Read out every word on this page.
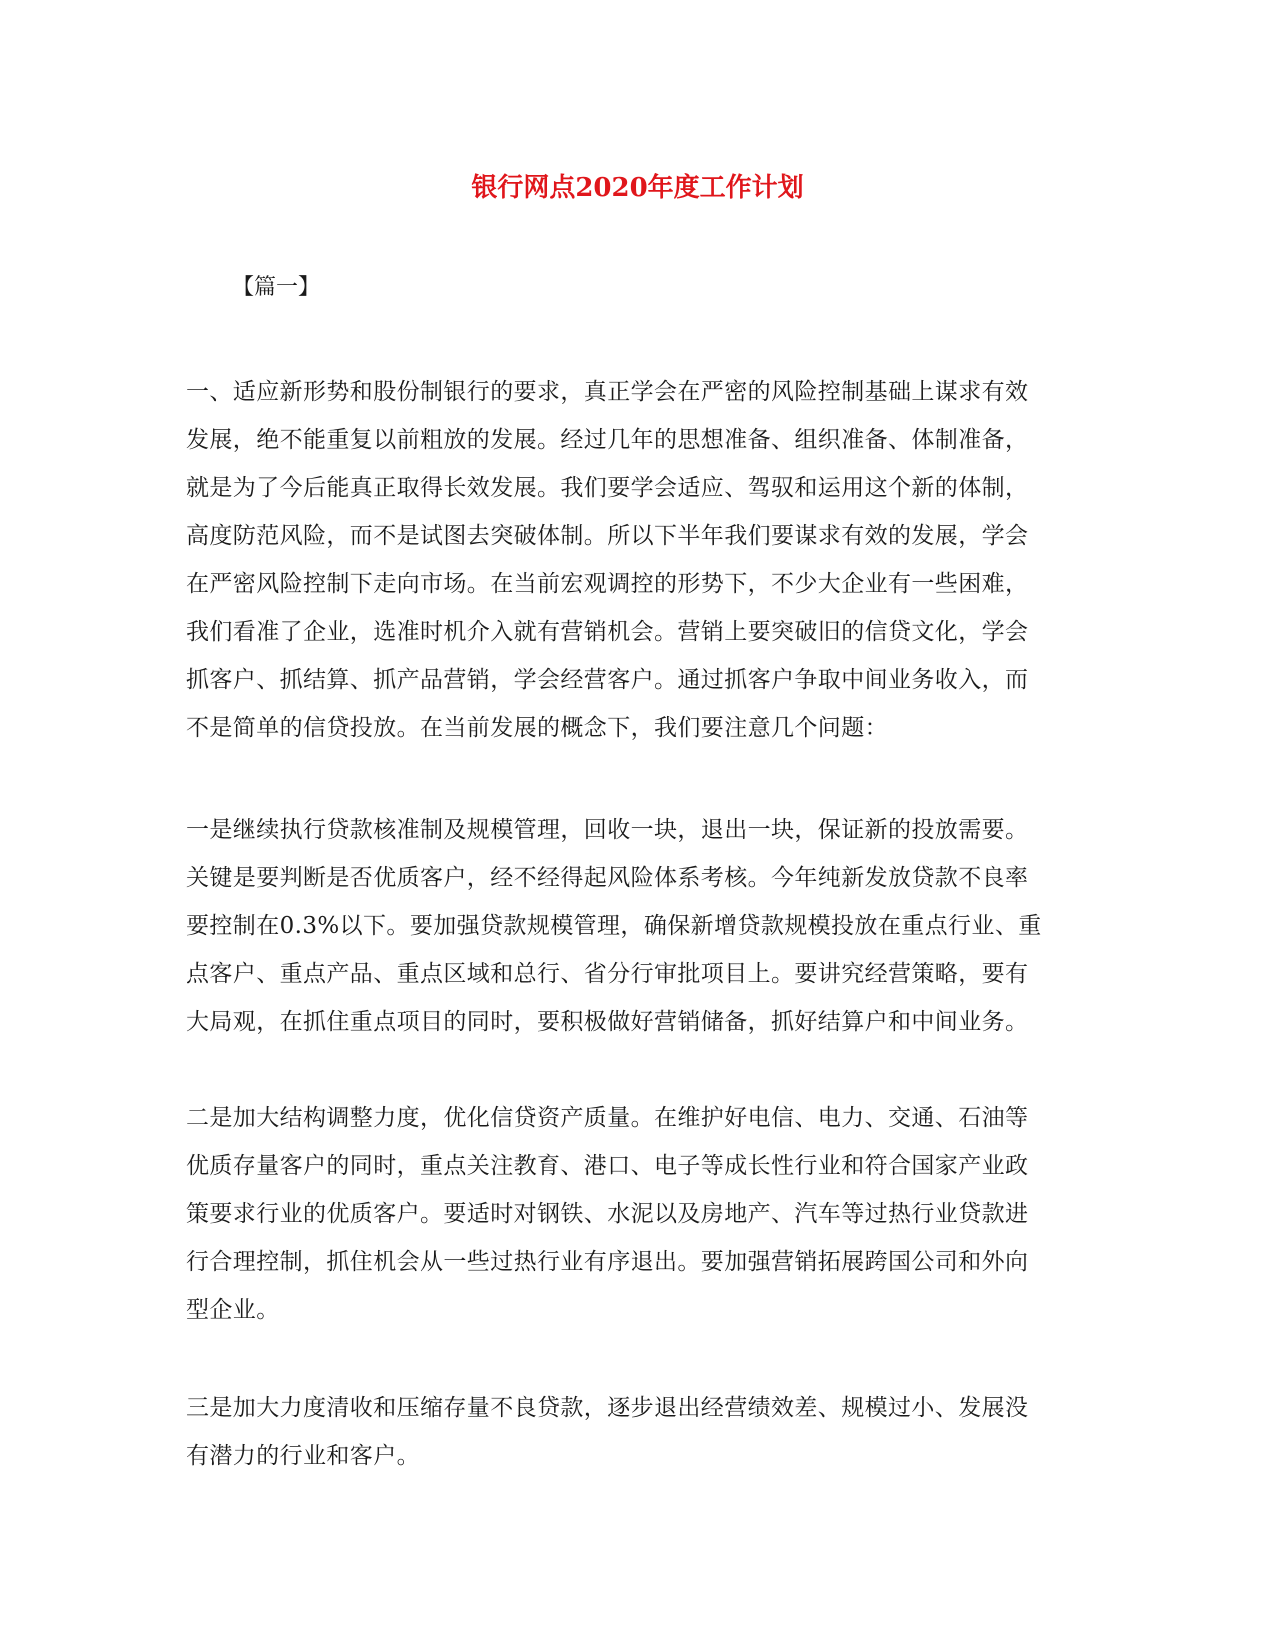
银行网点2020年度工作计划

【篇一】

一、适应新形势和股份制银行的要求，真正学会在严密的风险控制基础上谋求有效
发展，绝不能重复以前粗放的发展。经过几年的思想准备、组织准备、体制准备，
就是为了今后能真正取得长效发展。我们要学会适应、驾驭和运用这个新的体制，
高度防范风险，而不是试图去突破体制。所以下半年我们要谋求有效的发展，学会
在严密风险控制下走向市场。在当前宏观调控的形势下，不少大企业有一些困难，
我们看准了企业，选准时机介入就有营销机会。营销上要突破旧的信贷文化，学会
抓客户、抓结算、抓产品营销，学会经营客户。通过抓客户争取中间业务收入，而
不是简单的信贷投放。在当前发展的概念下，我们要注意几个问题：

一是继续执行贷款核准制及规模管理，回收一块，退出一块，保证新的投放需要。
关键是要判断是否优质客户，经不经得起风险体系考核。今年纯新发放贷款不良率
要控制在0.3%以下。要加强贷款规模管理，确保新增贷款规模投放在重点行业、重
点客户、重点产品、重点区域和总行、省分行审批项目上。要讲究经营策略，要有
大局观，在抓住重点项目的同时，要积极做好营销储备，抓好结算户和中间业务。

二是加大结构调整力度，优化信贷资产质量。在维护好电信、电力、交通、石油等
优质存量客户的同时，重点关注教育、港口、电子等成长性行业和符合国家产业政
策要求行业的优质客户。要适时对钢铁、水泥以及房地产、汽车等过热行业贷款进
行合理控制，抓住机会从一些过热行业有序退出。要加强营销拓展跨国公司和外向
型企业。

三是加大力度清收和压缩存量不良贷款，逐步退出经营绩效差、规模过小、发展没
有潜力的行业和客户。
